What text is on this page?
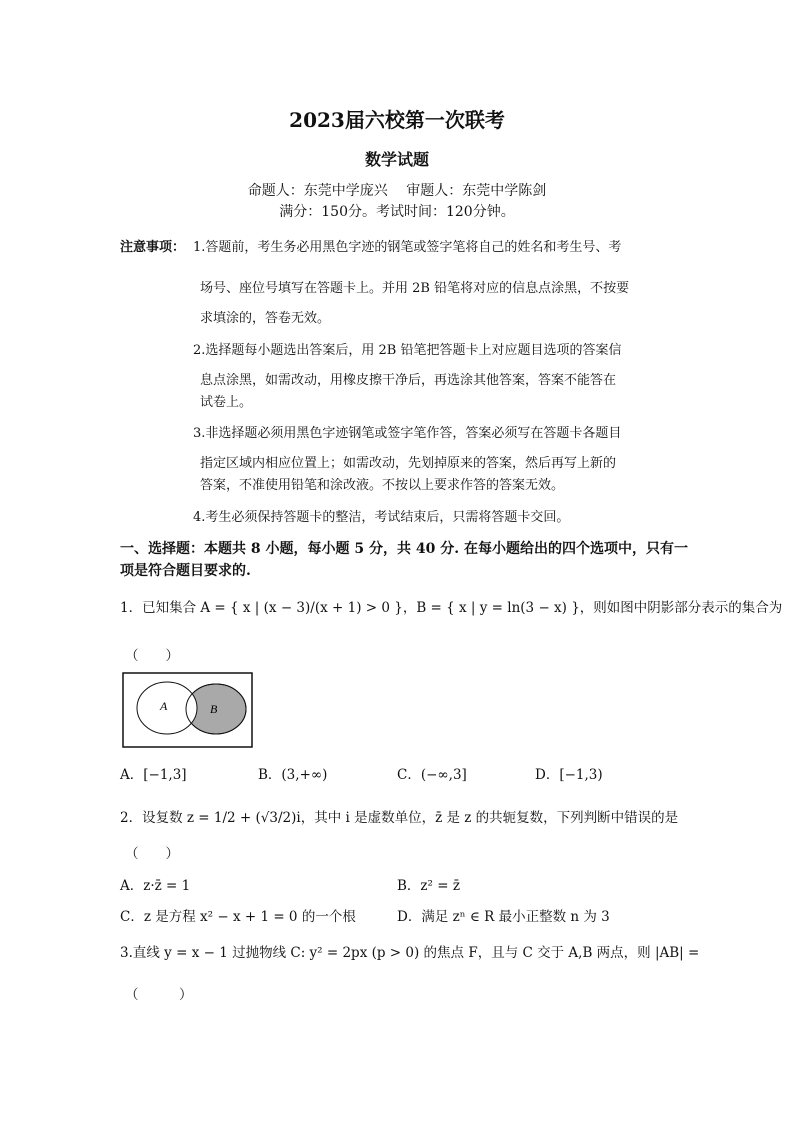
2023届六校第一次联考
数学试题
命题人：东莞中学庞兴　 审题人：东莞中学陈剑
满分：150分。考试时间：120分钟。
注意事项： 1.答题前，考生务必用黑色字迹的钢笔或签字笔将自己的姓名和考生号、考
场号、座位号填写在答题卡上。并用 2B 铅笔将对应的信息点涂黑，不按要
求填涂的，答卷无效。
2.选择题每小题选出答案后，用 2B 铅笔把答题卡上对应题目选项的答案信
息点涂黑，如需改动，用橡皮擦干净后，再选涂其他答案，答案不能答在
试卷上。
3.非选择题必须用黑色字迹钢笔或签字笔作答，答案必须写在答题卡各题目
指定区域内相应位置上；如需改动，先划掉原来的答案，然后再写上新的
答案，不准使用铅笔和涂改液。不按以上要求作答的答案无效。
4.考生必须保持答题卡的整洁，考试结束后，只需将答题卡交回。
一、选择题：本题共 8 小题，每小题 5 分，共 40 分. 在每小题给出的四个选项中，只有一
项是符合题目要求的.
1．已知集合 A = { x | (x − 3)/(x + 1) > 0 }，B = { x | y = ln(3 − x) }，则如图中阴影部分表示的集合为
（　　）
A	B
A．[−1,3]	B．(3,+∞)	C．(−∞,3]	D．[−1,3)
2．设复数 z = 1/2 + (√3/2)i，其中 i 是虚数单位，z̄ 是 z 的共轭复数，下列判断中错误的是
（　　）
A．z·z̄ = 1	B．z² = z̄
C．z 是方程 x² − x + 1 = 0 的一个根	D．满足 zⁿ ∈ R 最小正整数 n 为 3
3.直线 y = x − 1 过抛物线 C: y² = 2px (p > 0) 的焦点 F，且与 C 交于 A,B 两点，则 |AB| =
（　　　）
